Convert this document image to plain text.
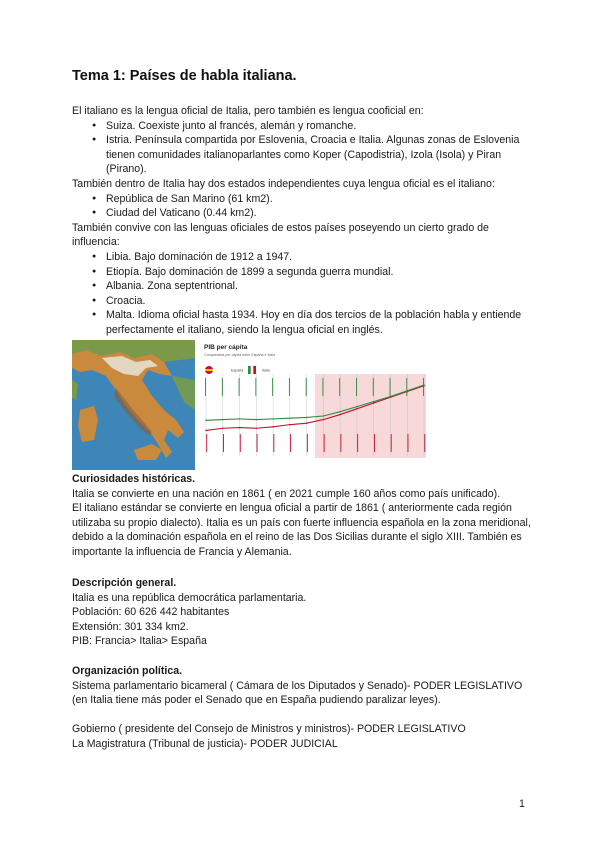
Tema 1: Países de habla italiana.
El italiano es la lengua oficial de Italia, pero también es lengua cooficial en:
● Suiza. Coexiste junto al francés, alemán y romanche.
● Istria. Península compartida por Eslovenia, Croacia e Italia. Algunas zonas de Eslovenia tienen comunidades italianoparlantes como Koper (Capodistria), Izola (Isola) y Piran (Pirano).
También dentro de Italia hay dos estados independientes cuya lengua oficial es el italiano:
● República de San Marino (61 km2).
● Ciudad del Vaticano (0.44 km2).
También convive con las lenguas oficiales de estos países poseyendo un cierto grado de influencia:
● Libia. Bajo dominación de 1912 a 1947.
● Etiopía. Bajo dominación de 1899 a segunda guerra mundial.
● Albania. Zona septentrional.
● Croacia.
● Malta. Idioma oficial hasta 1934. Hoy en día dos tercios de la población habla y entiende perfectamente el italiano, siendo la lengua oficial en inglés.
PIB per cápita
Comparativa per cápita entre España e Italia
España	Italia
Curiosidades históricas.
Italia se convierte en una nación en 1861 ( en 2021 cumple 160 años como país unificado).
El italiano estándar se convierte en lengua oficial a partir de 1861 ( anteriormente cada región utilizaba su propio dialecto). Italia es un país con fuerte influencia española en la zona meridional, debido a la dominación española en el reino de las Dos Sicilias durante el siglo XIII. También es importante la influencia de Francia y Alemania.
Descripción general.
Italia es una república democrática parlamentaria.
Población: 60 626 442 habitantes
Extensión: 301 334 km2.
PIB: Francia> Italia> España
Organización política.
Sistema parlamentario bicameral ( Cámara de los Diputados y Senado)- PODER LEGISLATIVO (en Italia tiene más poder el Senado que en España pudiendo paralizar leyes).
Gobierno ( presidente del Consejo de Ministros y ministros)- PODER LEGISLATIVO
La Magistratura (Tribunal de justicia)- PODER JUDICIAL
1
